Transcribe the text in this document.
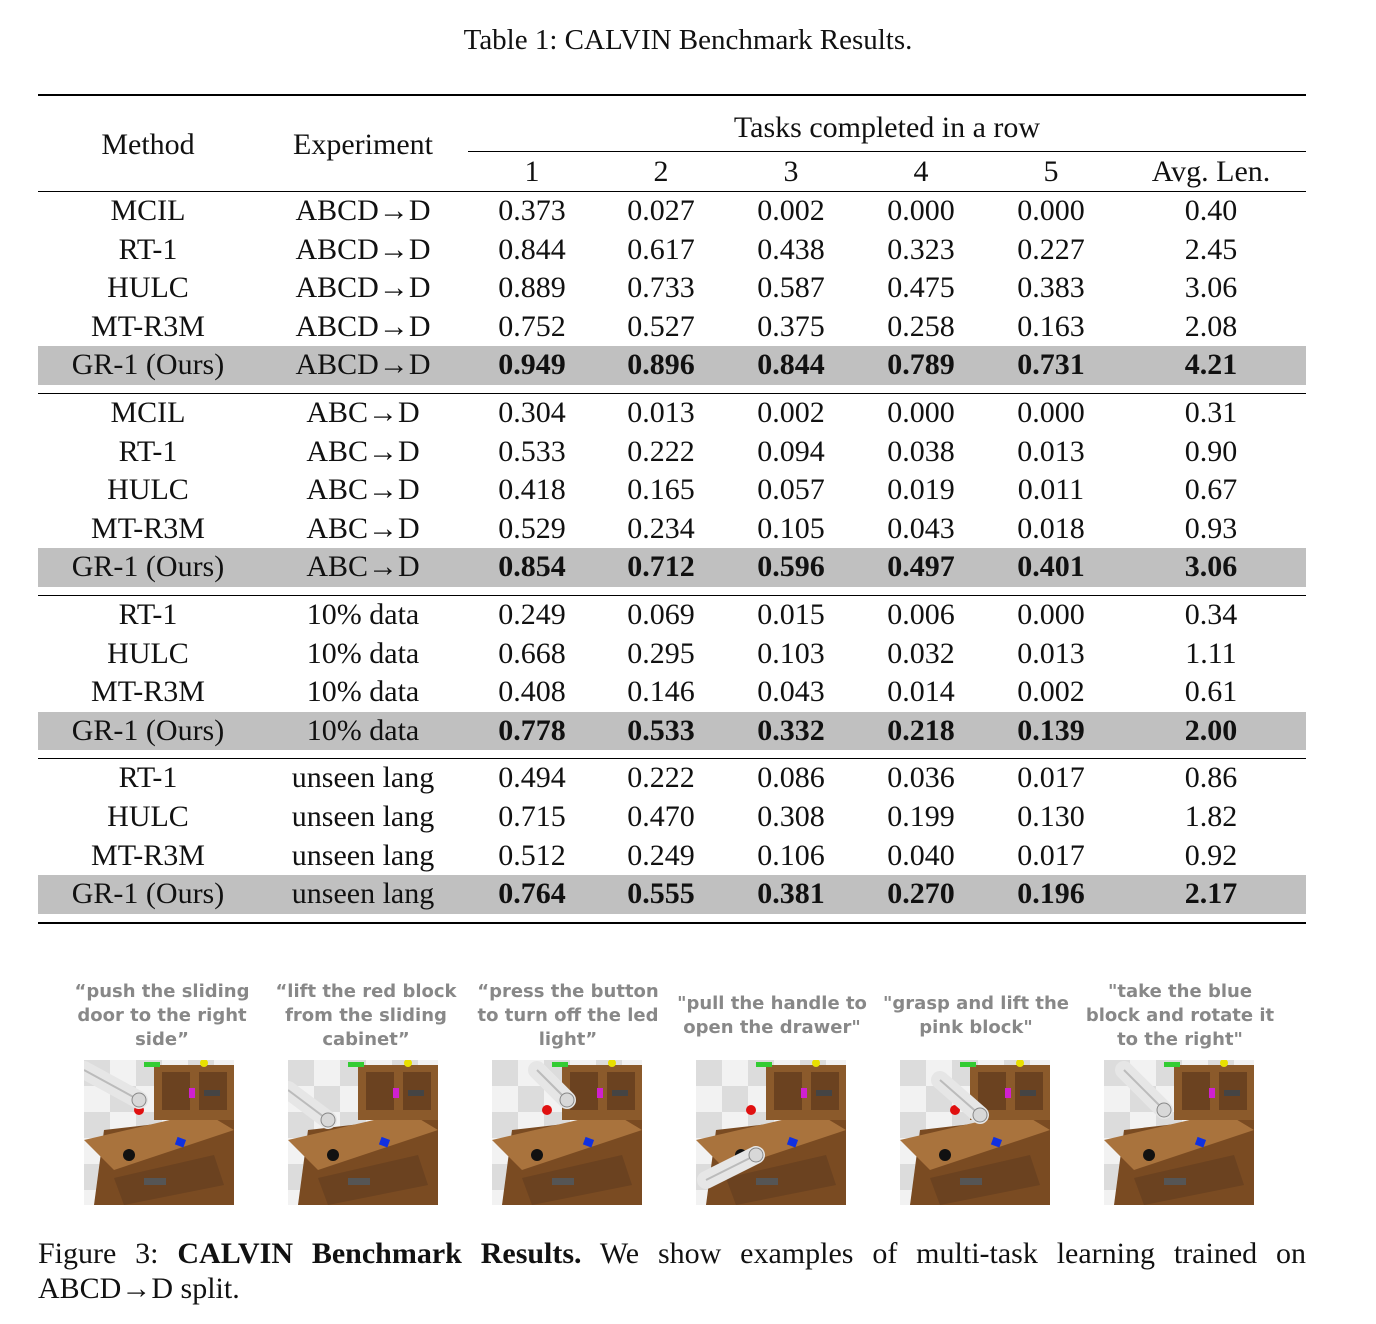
Table 1: CALVIN Benchmark Results.
Method	Experiment	Tasks completed in a row					
		1	2	3	4	5	Avg. Len.

MCIL	ABCD→D	0.373	0.027	0.002	0.000	0.000	0.40
RT-1	ABCD→D	0.844	0.617	0.438	0.323	0.227	2.45
HULC	ABCD→D	0.889	0.733	0.587	0.475	0.383	3.06
MT-R3M	ABCD→D	0.752	0.527	0.375	0.258	0.163	2.08
GR-1 (Ours)	ABCD→D	0.949	0.896	0.844	0.789	0.731	4.21

MCIL	ABC→D	0.304	0.013	0.002	0.000	0.000	0.31
RT-1	ABC→D	0.533	0.222	0.094	0.038	0.013	0.90
HULC	ABC→D	0.418	0.165	0.057	0.019	0.011	0.67
MT-R3M	ABC→D	0.529	0.234	0.105	0.043	0.018	0.93
GR-1 (Ours)	ABC→D	0.854	0.712	0.596	0.497	0.401	3.06

RT-1	10% data	0.249	0.069	0.015	0.006	0.000	0.34
HULC	10% data	0.668	0.295	0.103	0.032	0.013	1.11
MT-R3M	10% data	0.408	0.146	0.043	0.014	0.002	0.61
GR-1 (Ours)	10% data	0.778	0.533	0.332	0.218	0.139	2.00

RT-1	unseen lang	0.494	0.222	0.086	0.036	0.017	0.86
HULC	unseen lang	0.715	0.470	0.308	0.199	0.130	1.82
MT-R3M	unseen lang	0.512	0.249	0.106	0.040	0.017	0.92
GR-1 (Ours)	unseen lang	0.764	0.555	0.381	0.270	0.196	2.17

“push the sliding door to the right side”
“lift the red block from the sliding cabinet”
“press the button to turn off the led light”
"pull the handle to open the drawer"
"grasp and lift the pink block"
"take the blue block and rotate it to the right"
Figure 3: CALVIN Benchmark Results. We show examples of multi-task learning trained on ABCD→D split.
